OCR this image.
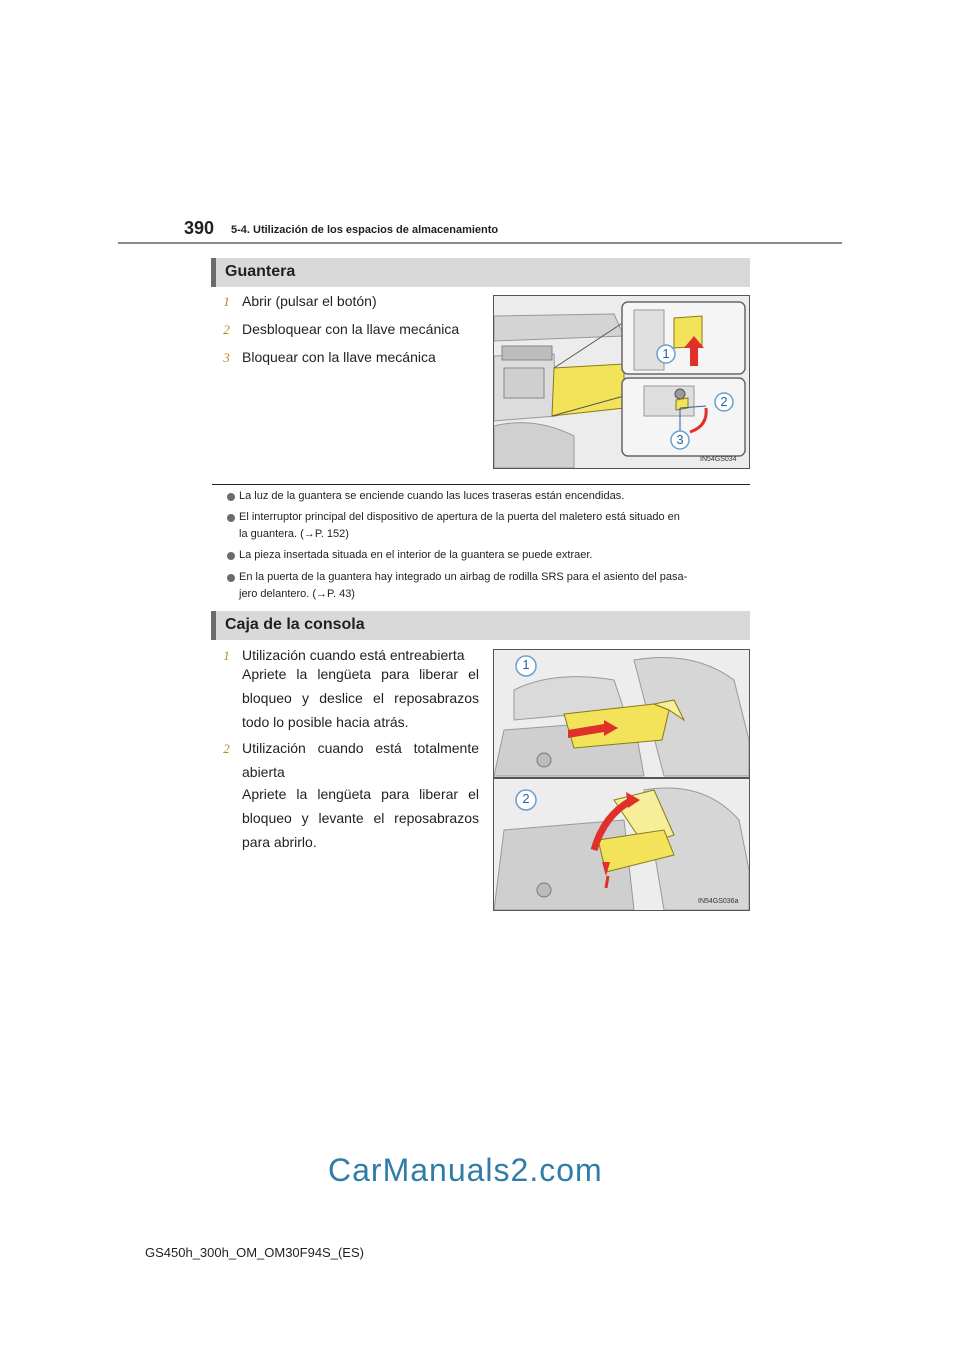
390 5-4. Utilización de los espacios de almacenamiento
Guantera
1 Abrir (pulsar el botón)
2 Desbloquear con la llave mecánica
3 Bloquear con la llave mecánica	1
2
3
IN54GS034
La luz de la guantera se enciende cuando las luces traseras están encendidas.
El interruptor principal del dispositivo de apertura de la puerta del maletero está situado en
la guantera. (→P. 152)
La pieza insertada situada en el interior de la guantera se puede extraer.
En la puerta de la guantera hay integrado un airbag de rodilla SRS para el asiento del pasa-
jero delantero. (→P. 43)
Caja de la consola
1 Utilización cuando está entreabierta
Apriete la lengüeta para liberar el bloqueo y deslice el reposabrazos todo lo posible hacia atrás.
2 Utilización cuando está totalmente abierta
Apriete la lengüeta para liberar el bloqueo y levante el reposabrazos para abrirlo.
1
2
IN54GS036a
CarManuals2.com
GS450h_300h_OM_OM30F94S_(ES)
